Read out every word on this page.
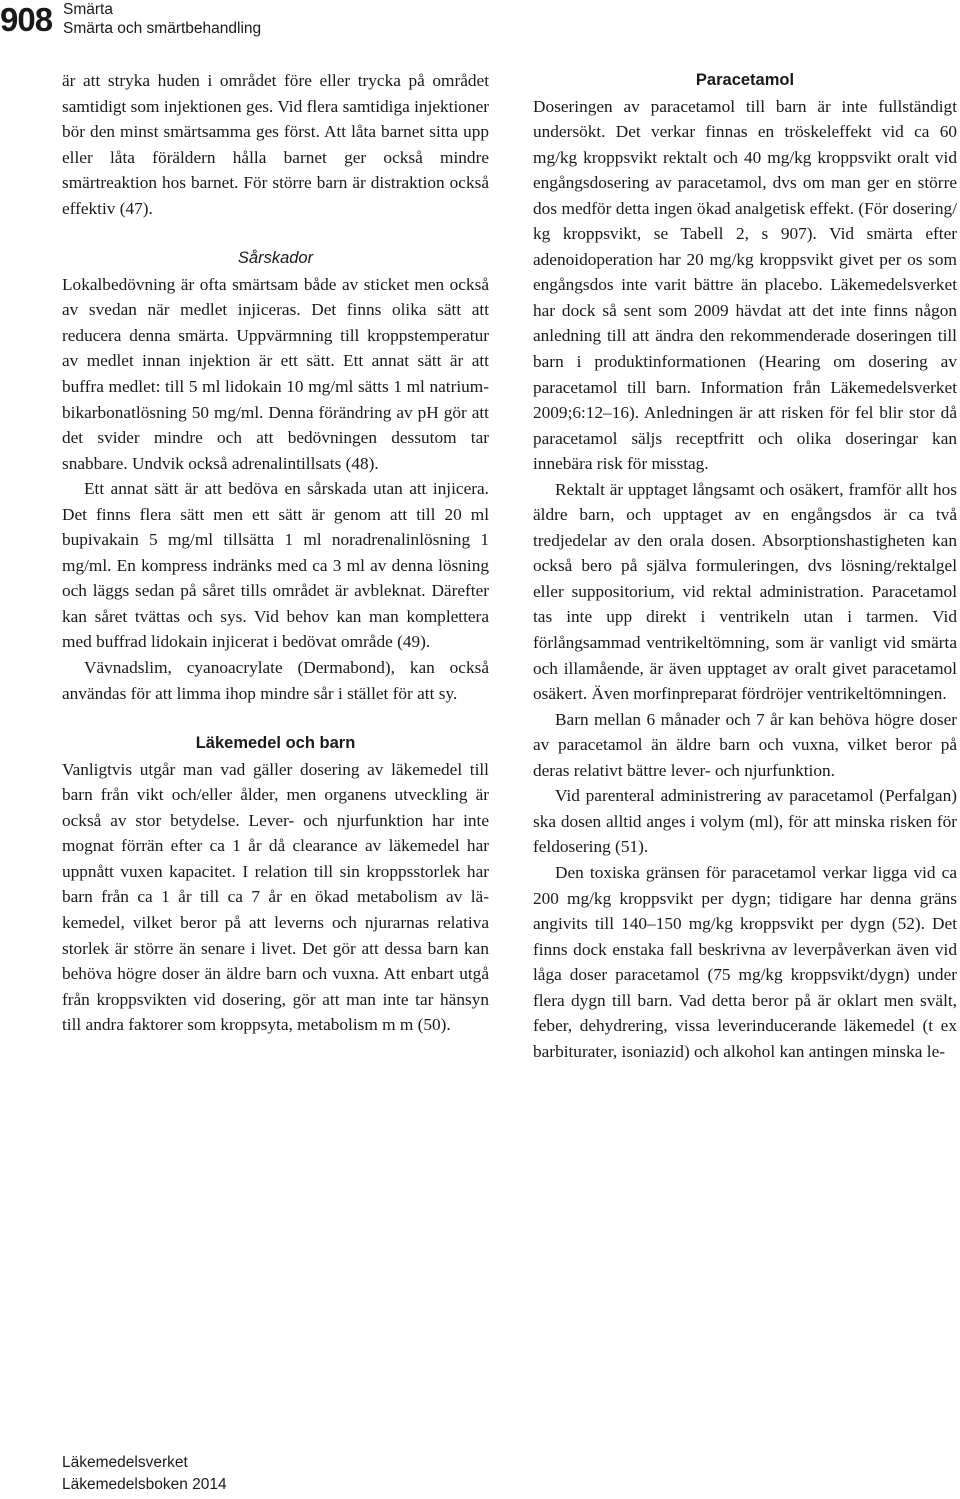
908 Smärta
Smärta och smärtbehandling

är att stryka huden i området före eller trycka på området samtidigt som injektionen ges. Vid flera samtidiga injektioner bör den minst smärtsamma ges först. Att låta barnet sitta upp eller låta föräldern hålla barnet ger också mindre smärtreaktion hos barnet. För större barn är distraktion också effektiv (47).

Sårskador

Lokalbedövning är ofta smärtsam både av sticket men också av svedan när medlet injiceras. Det finns olika sätt att reducera denna smärta. Uppvärmning till kroppstemperatur av medlet innan injektion är ett sätt. Ett annat sätt är att buffra medlet: till 5 ml lidokain 10 mg/ml sätts 1 ml natriumbikarbonatlösning 50 mg/ml. Denna förändring av pH gör att det svider mindre och att bedövningen dessutom tar snabbare. Undvik också adrenalintillsats (48).

Ett annat sätt är att bedöva en sårskada utan att injicera. Det finns flera sätt men ett sätt är genom att till 20 ml bupivakain 5 mg/ml tillsätta 1 ml noradrenalinlösning 1 mg/ml. En kompress indränks med ca 3 ml av denna lösning och läggs sedan på såret tills området är avbleknat. Därefter kan såret tvättas och sys. Vid behov kan man komplettera med buffrad lidokain injicerat i bedövat område (49).

Vävnadslim, cyanoacrylate (Dermabond), kan också användas för att limma ihop mindre sår i stället för att sy.

Läkemedel och barn

Vanligtvis utgår man vad gäller dosering av läkemedel till barn från vikt och/eller ålder, men organens utveckling är också av stor betydelse. Lever- och njurfunktion har inte mognat förrän efter ca 1 år då clearance av läkemedel har uppnått vuxen kapacitet. I relation till sin kroppsstorlek har barn från ca 1 år till ca 7 år en ökad metabolism av läkemedel, vilket beror på att leverns och njurarnas relativa storlek är större än senare i livet. Det gör att dessa barn kan behöva högre doser än äldre barn och vuxna. Att enbart utgå från kroppsvikten vid dosering, gör att man inte tar hänsyn till andra faktorer som kroppsyta, metabolism m m (50).

Paracetamol

Doseringen av paracetamol till barn är inte fullständigt undersökt. Det verkar finnas en tröskeleffekt vid ca 60 mg/kg kroppsvikt rektalt och 40 mg/kg kroppsvikt oralt vid engångsdosering av paracetamol, dvs om man ger en större dos medför detta ingen ökad analgetisk effekt. (För dosering/ kg kroppsvikt, se Tabell 2, s 907). Vid smärta efter adenoidoperation har 20 mg/kg kroppsvikt givet per os som engångsdos inte varit bättre än placebo. Läkemedelsverket har dock så sent som 2009 hävdat att det inte finns någon anledning till att ändra den rekommenderade doseringen till barn i produktinformationen (Hearing om dosering av paracetamol till barn. Information från Läkemedelsverket 2009;6:12–16). Anledningen är att risken för fel blir stor då paracetamol säljs receptfritt och olika doseringar kan innebära risk för misstag.

Rektalt är upptaget långsamt och osäkert, framför allt hos äldre barn, och upptaget av en engångsdos är ca två tredjedelar av den orala dosen. Absorptionshastigheten kan också bero på själva formuleringen, dvs lösning/rektalgel eller suppositorium, vid rektal administration. Paracetamol tas inte upp direkt i ventrikeln utan i tarmen. Vid förlångsammad ventrikeltömning, som är vanligt vid smärta och illamående, är även upptaget av oralt givet paracetamol osäkert. Även morfinpreparat fördröjer ventrikeltömningen.

Barn mellan 6 månader och 7 år kan behöva högre doser av paracetamol än äldre barn och vuxna, vilket beror på deras relativt bättre lever- och njurfunktion.

Vid parenteral administrering av paracetamol (Perfalgan) ska dosen alltid anges i volym (ml), för att minska risken för feldosering (51).

Den toxiska gränsen för paracetamol verkar ligga vid ca 200 mg/kg kroppsvikt per dygn; tidigare har denna gräns angivits till 140–150 mg/kg kroppsvikt per dygn (52). Det finns dock enstaka fall beskrivna av leverpåverkan även vid låga doser paracetamol (75 mg/kg kroppsvikt/dygn) under flera dygn till barn. Vad detta beror på är oklart men svält, feber, dehydrering, vissa leverinducerande läkemedel (t ex barbiturater, isoniazid) och alkohol kan antingen minska le-

Läkemedelsverket
Läkemedelsboken 2014
